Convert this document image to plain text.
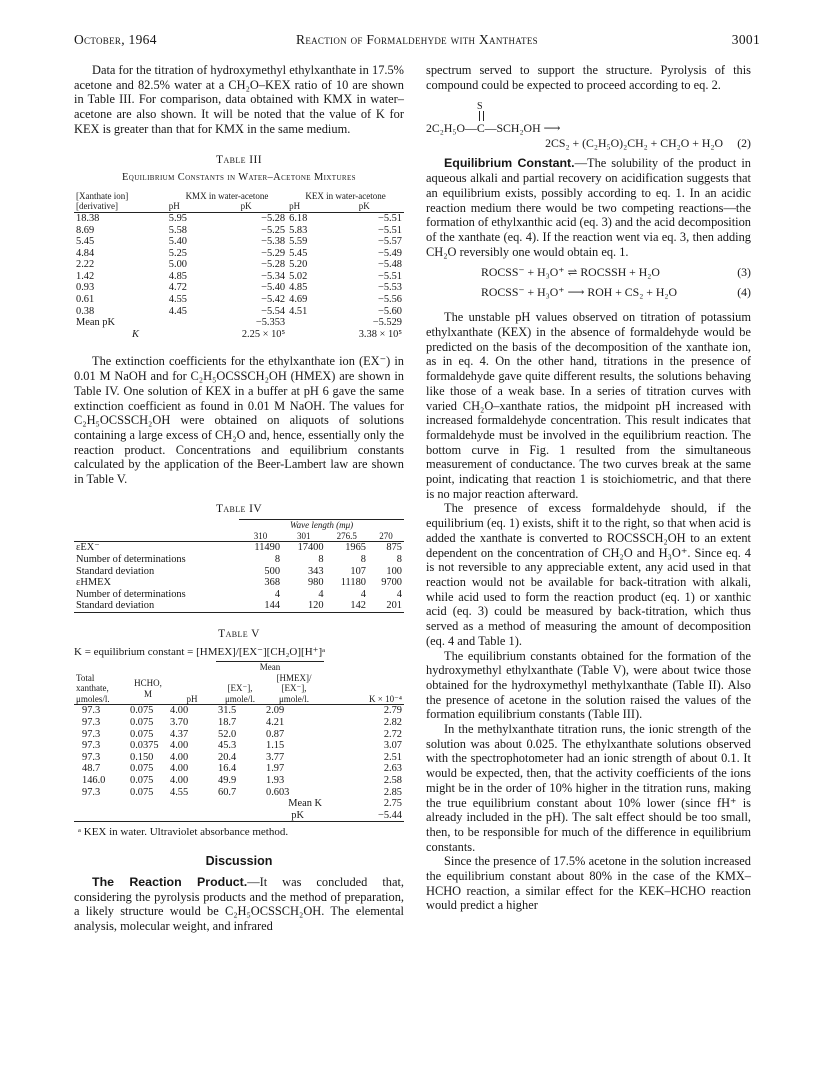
October, 1964	Reaction of Formaldehyde with Xanthates	3001

Data for the titration of hydroxymethyl ethylxanthate in 17.5% acetone and 82.5% water at a CH₂O–KEX ratio of 10 are shown in Table III. For comparison, data obtained with KMX in water–acetone are also shown. It will be noted that the value of K for KEX is greater than that for KMX in the same medium.

Table III
Equilibrium Constants in Water–Acetone Mixtures
[Xanthate ion]	KMX in water-acetone		KEX in water-acetone	
[derivative]	pH	pK	pH	pK
18.38	5.95	−5.28	6.18	−5.51
8.69	5.58	−5.25	5.83	−5.51
5.45	5.40	−5.38	5.59	−5.57
4.84	5.25	−5.29	5.45	−5.49
2.22	5.00	−5.28	5.20	−5.48
1.42	4.85	−5.34	5.02	−5.51
0.93	4.72	−5.40	4.85	−5.53
0.61	4.55	−5.42	4.69	−5.56
0.38	4.45	−5.54	4.51	−5.60
Mean pK		−5.353		−5.529
K		2.25 × 10⁵		3.38 × 10⁵

The extinction coefficients for the ethylxanthate ion (EX⁻) in 0.01 M NaOH and for C₂H₅OCSSCH₂OH (HMEX) are shown in Table IV. One solution of KEX in a buffer at pH 6 gave the same extinction coefficient as found in 0.01 M NaOH. The values for C₂H₅OCSSCH₂OH were obtained on aliquots of solutions containing a large excess of CH₂O and, hence, essentially only the reaction product. Concentrations and equilibrium constants calculated by the application of the Beer-Lambert law are shown in Table V.

Table IV
	Wave length (mμ)			
	310	301	276.5	270
εEX⁻	11490	17400	1965	875
Number of determinations	8	8	8	8
Standard deviation	500	343	107	100
εHMEX	368	980	11180	9700
Number of determinations	4	4	4	4
Standard deviation	144	120	142	201
Table V
K = equilibrium constant = [HMEX]/[EX⁻][CH₂O][H⁺]ᵃ
			Mean		
Total xanthate, μmoles/l.	HCHO, M	pH	[EX⁻], μmole/l.	[HMEX]/ [EX⁻], μmole/l.	K × 10⁻⁴
97.3	0.075	4.00	31.5	2.09	2.79
97.3	0.075	3.70	18.7	4.21	2.82
97.3	0.075	4.37	52.0	0.87	2.72
97.3	0.0375	4.00	45.3	1.15	3.07
97.3	0.150	4.00	20.4	3.77	2.51
48.7	0.075	4.00	16.4	1.97	2.63
146.0	0.075	4.00	49.9	1.93	2.58
97.3	0.075	4.55	60.7	0.603	2.85
Mean K					2.75
pK					−5.44
ᵃ KEX in water. Ultraviolet absorbance method.
Discussion

The Reaction Product.—It was concluded that, considering the pyrolysis products and the method of preparation, a likely structure would be C₂H₅OCSSCH₂OH. The elemental analysis, molecular weight, and infrared

spectrum served to support the structure. Pyrolysis of this compound could be expected to proceed according to eq. 2.

S
2C₂H₅O—C—SCH₂OH ⟶
2CS₂ + (C₂H₅O)₂CH₂ + CH₂O + H₂O (2)

Equilibrium Constant.—The solubility of the product in aqueous alkali and partial recovery on acidification suggests that an equilibrium exists, possibly according to eq. 1. In an acidic reaction medium there would be two competing reactions—the formation of ethylxanthic acid (eq. 3) and the acid decomposition of the xanthate (eq. 4). If the reaction went via eq. 3, then adding CH₂O reversibly one would obtain eq. 1.

ROCSS⁻ + H₃O⁺ ⇌ ROCSSH + H₂O	(3)
ROCSS⁻ + H₃O⁺ ⟶ ROH + CS₂ + H₂O	(4)

The unstable pH values observed on titration of potassium ethylxanthate (KEX) in the absence of formaldehyde would be predicted on the basis of the decomposition of the xanthate ion, as in eq. 4. On the other hand, titrations in the presence of formaldehyde gave quite different results, the solutions behaving like those of a weak base. In a series of titration curves with varied CH₂O–xanthate ratios, the midpoint pH increased with increased formaldehyde concentration. This result indicates that formaldehyde must be involved in the equilibrium reaction. The bottom curve in Fig. 1 resulted from the simultaneous measurement of conductance. The two curves break at the same point, indicating that reaction 1 is stoichiometric, and that there is no major reaction afterward.

The presence of excess formaldehyde should, if the equilibrium (eq. 1) exists, shift it to the right, so that when acid is added the xanthate is converted to ROCSSCH₂OH to an extent dependent on the concentration of CH₂O and H₃O⁺. Since eq. 4 is not reversible to any appreciable extent, any acid used in that reaction would not be available for back-titration with alkali, while acid used to form the reaction product (eq. 1) or xanthic acid (eq. 3) could be measured by back-titration, which thus served as a method of measuring the amount of decomposition (eq. 4 and Table 1).

The equilibrium constants obtained for the formation of the hydroxymethyl ethylxanthate (Table V), were about twice those obtained for the hydroxymethyl methylxanthate (Table II). Also the presence of acetone in the solution raised the values of the formation equilibrium constants (Table III).

In the methylxanthate titration runs, the ionic strength of the solution was about 0.025. The ethylxanthate solutions observed with the spectrophotometer had an ionic strength of about 0.1. It would be expected, then, that the activity coefficients of the ions might be in the order of 10% higher in the titration runs, making the true equilibrium constant about 10% lower (since fH⁺ is already included in the pH). The salt effect should be too small, then, to be responsible for much of the difference in equilibrium constants.

Since the presence of 17.5% acetone in the solution increased the equilibrium constant about 80% in the case of the KMX–HCHO reaction, a similar effect for the KEK–HCHO reaction would predict a higher
